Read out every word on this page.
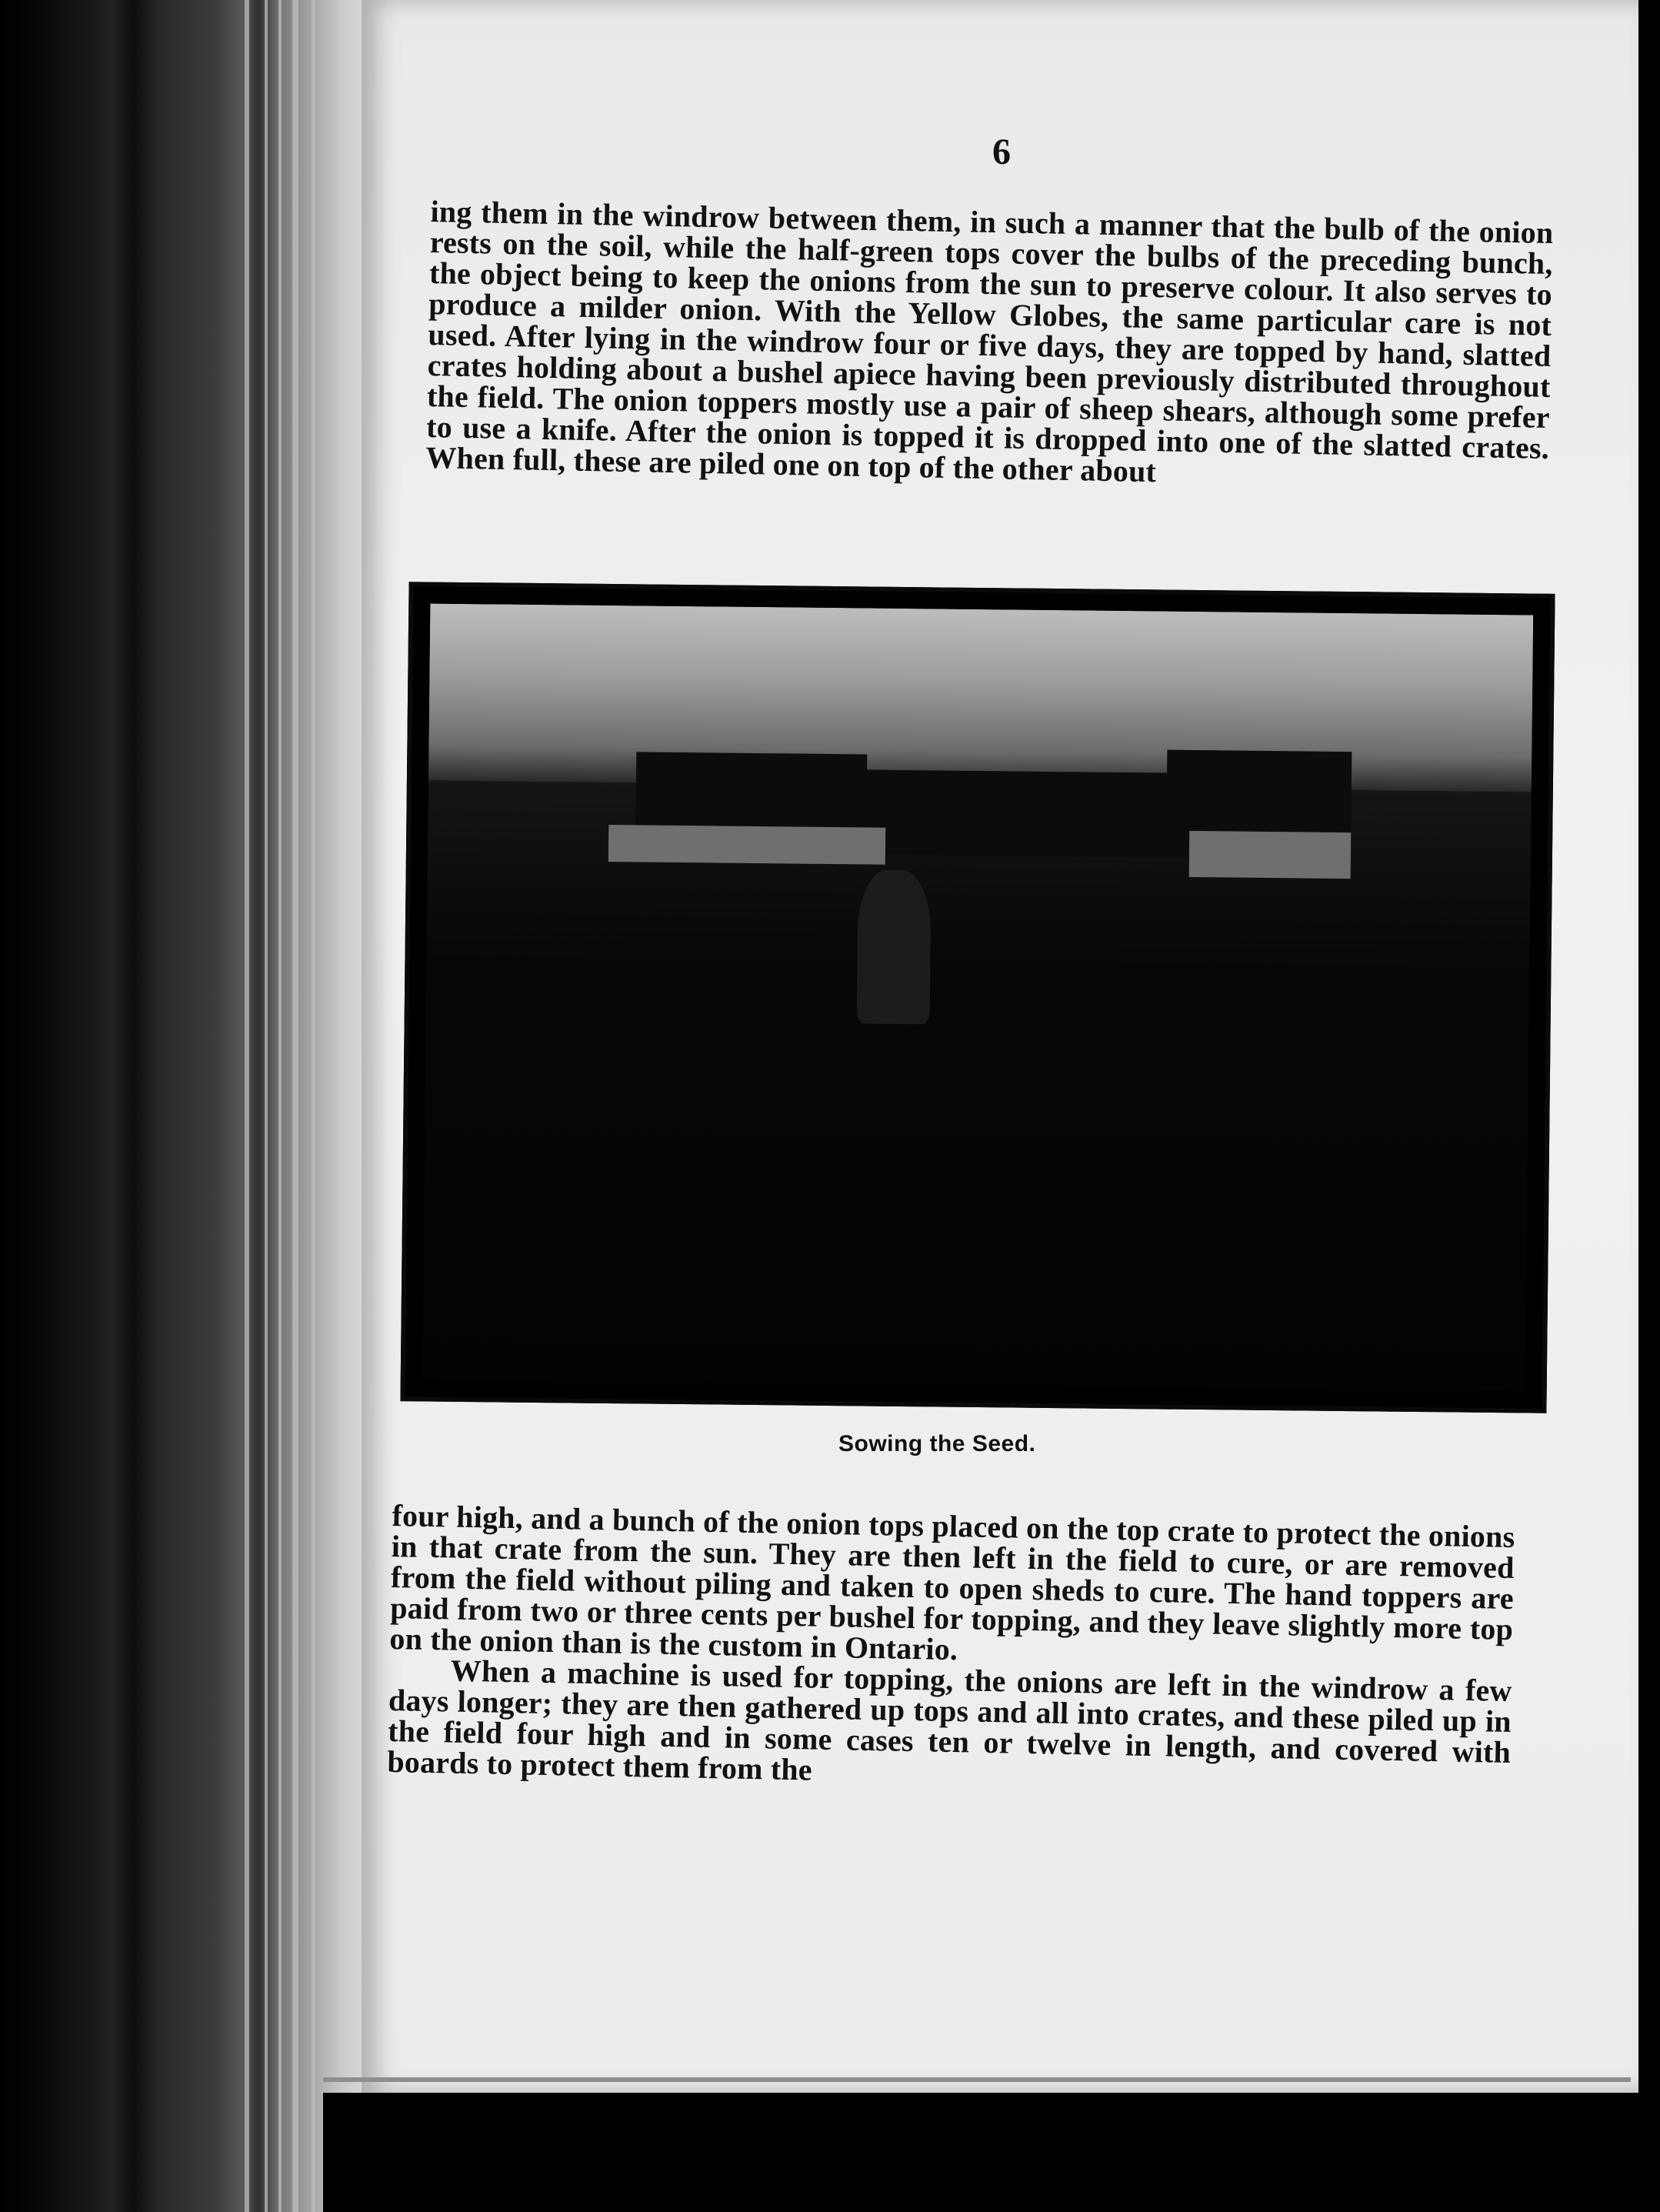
6

ing them in the windrow between them, in such a manner that the bulb of the onion rests on the soil, while the half-green tops cover the bulbs of the preceding bunch, the object being to keep the onions from the sun to preserve colour. It also serves to produce a milder onion. With the Yellow Globes, the same particular care is not used. After lying in the windrow four or five days, they are topped by hand, slatted crates holding about a bushel apiece having been previously distributed throughout the field. The onion toppers mostly use a pair of sheep shears, although some prefer to use a knife. After the onion is topped it is dropped into one of the slatted crates. When full, these are piled one on top of the other about

Sowing the Seed.

four high, and a bunch of the onion tops placed on the top crate to protect the onions in that crate from the sun. They are then left in the field to cure, or are removed from the field without piling and taken to open sheds to cure. The hand toppers are paid from two or three cents per bushel for topping, and they leave slightly more top on the onion than is the custom in Ontario.

When a machine is used for topping, the onions are left in the windrow a few days longer; they are then gathered up tops and all into crates, and these piled up in the field four high and in some cases ten or twelve in length, and covered with boards to protect them from the
